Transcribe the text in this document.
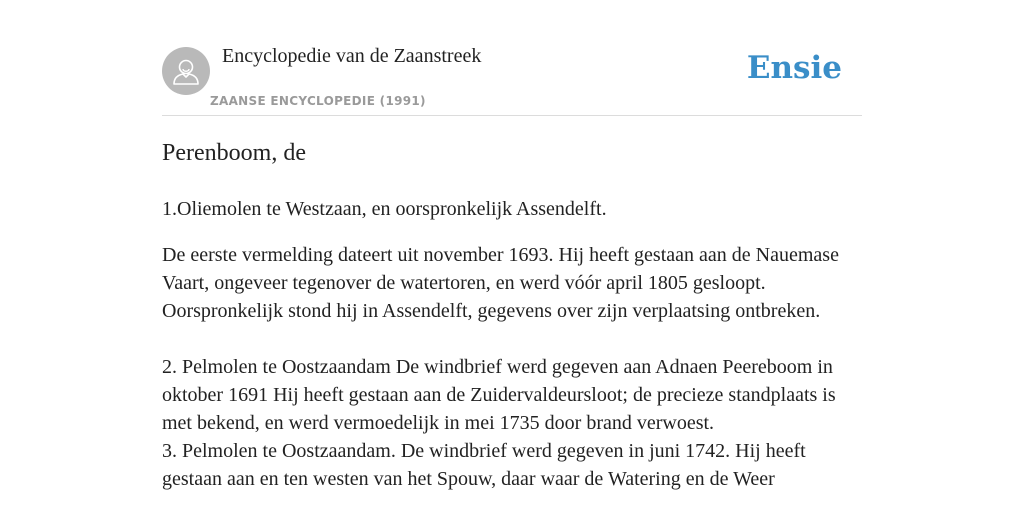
Encyclopedie van de Zaanstreek
ZAANSE ENCYCLOPEDIE (1991)
Ensie
Perenboom, de

1.Oliemolen te Westzaan, en oorspronkelijk Assendelft.

De eerste vermelding dateert uit november 1693. Hij heeft gestaan aan de Nauemase Vaart, ongeveer tegenover de watertoren, en werd vóór april 1805 gesloopt. Oorspronkelijk stond hij in Assendelft, gegevens over zijn verplaatsing ontbreken.

2. Pelmolen te Oostzaandam De windbrief werd gegeven aan Adnaen Peereboom in oktober 1691 Hij heeft gestaan aan de Zuidervaldeursloot; de precieze standplaats is met bekend, en werd vermoedelijk in mei 1735 door brand verwoest.

3. Pelmolen te Oostzaandam. De windbrief werd gegeven in juni 1742. Hij heeft gestaan aan en ten westen van het Spouw, daar waar de Watering en de Weer
